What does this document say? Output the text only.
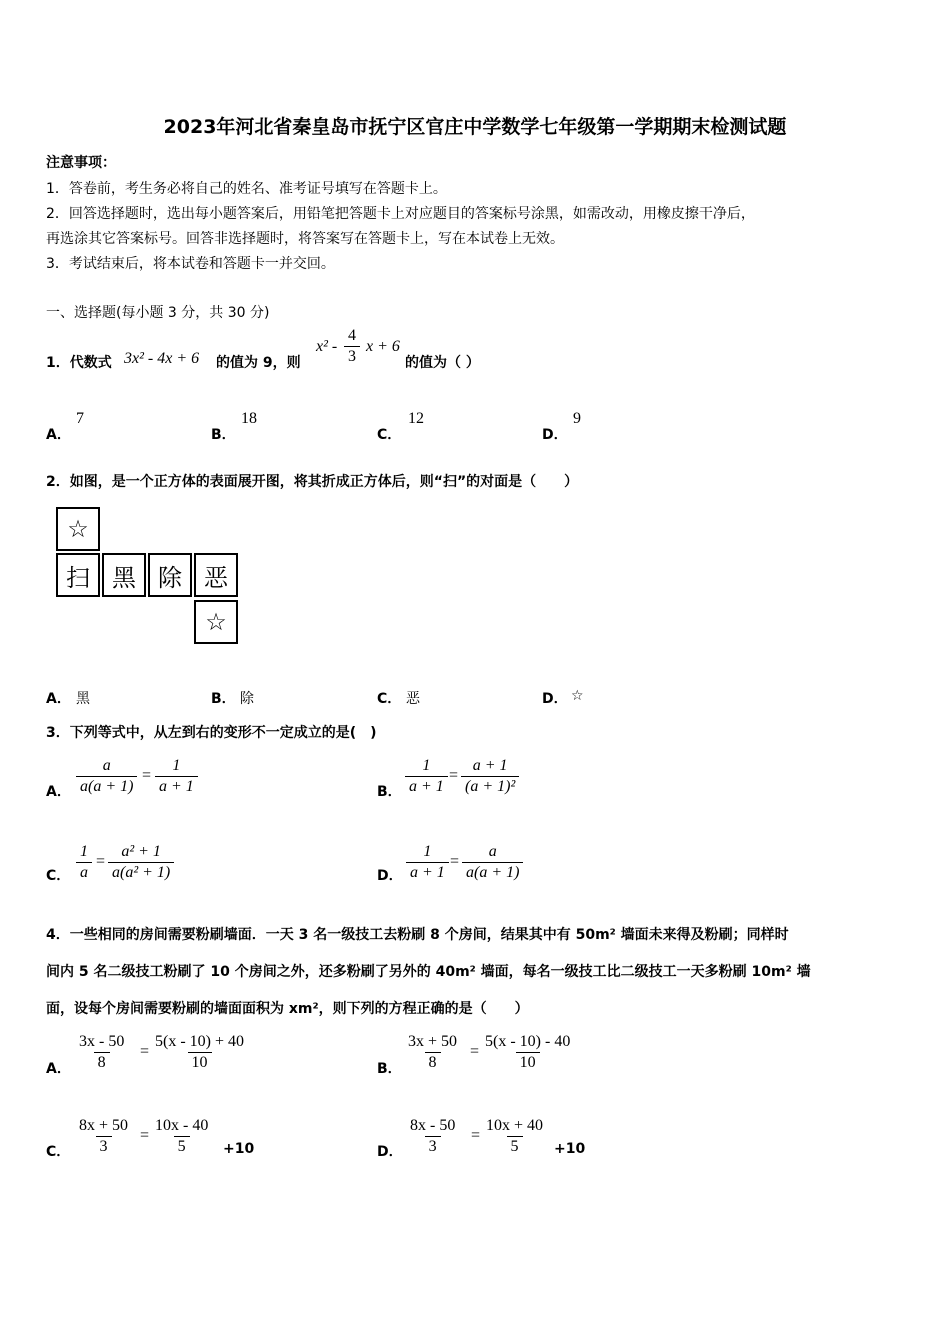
2023年河北省秦皇岛市抚宁区官庄中学数学七年级第一学期期末检测试题
注意事项：
1．答卷前，考生务必将自己的姓名、准考证号填写在答题卡上。
2．回答选择题时，选出每小题答案后，用铅笔把答题卡上对应题目的答案标号涂黑，如需改动，用橡皮擦干净后，
再选涂其它答案标号。回答非选择题时，将答案写在答题卡上，写在本试卷上无效。
3．考试结束后，将本试卷和答题卡一并交回。
一、选择题(每小题 3 分，共 30 分)
1．代数式 3x² - 4x + 6 的值为 9，则
$x^2 - \frac{4}{3}$ x + 6
的值为（ ）
A．
7
B．
18
C．
12
D．
9
2．如图，是一个正方体的表面展开图，将其折成正方体后，则“扫”的对面是（　　）
☆
扫 黑 除 恶
☆
A． 黑	B． 除	C． 恶	D． ☆
3．下列等式中，从左到右的变形不一定成立的是(　)
A． $\frac{a}{a(a + 1)} = \frac{1}{a + 1}$	B． $\frac{1}{a + 1} = \frac{a + 1}{\text{(a + 1)²}}$
C． $\frac{1}{a} = \frac{\text{a² + 1}}{\text{a(a² + 1)}}$	D． $\frac{1}{a + 1} = \frac{a}{a(a + 1)}$
4．一些相同的房间需要粉刷墙面．一天 3 名一级技工去粉刷 8 个房间，结果其中有 50m² 墙面未来得及粉刷；同样时
间内 5 名二级技工粉刷了 10 个房间之外，还多粉刷了另外的 40m² 墙面，每名一级技工比二级技工一天多粉刷 10m² 墙
面，设每个房间需要粉刷的墙面面积为 xm²，则下列的方程正确的是（　　）
A． $\frac{3x - 50}{8} = \frac{5(x - 10) + 40}{10}$	B． $\frac{3x + 50}{8} = \frac{5(x - 10) - 40}{10}$
C． $\frac{8x + 50}{3} = \frac{10x - 40}{5} +10$	D． $\frac{8x - 50}{3} = \frac{10x + 40}{5} +10$
